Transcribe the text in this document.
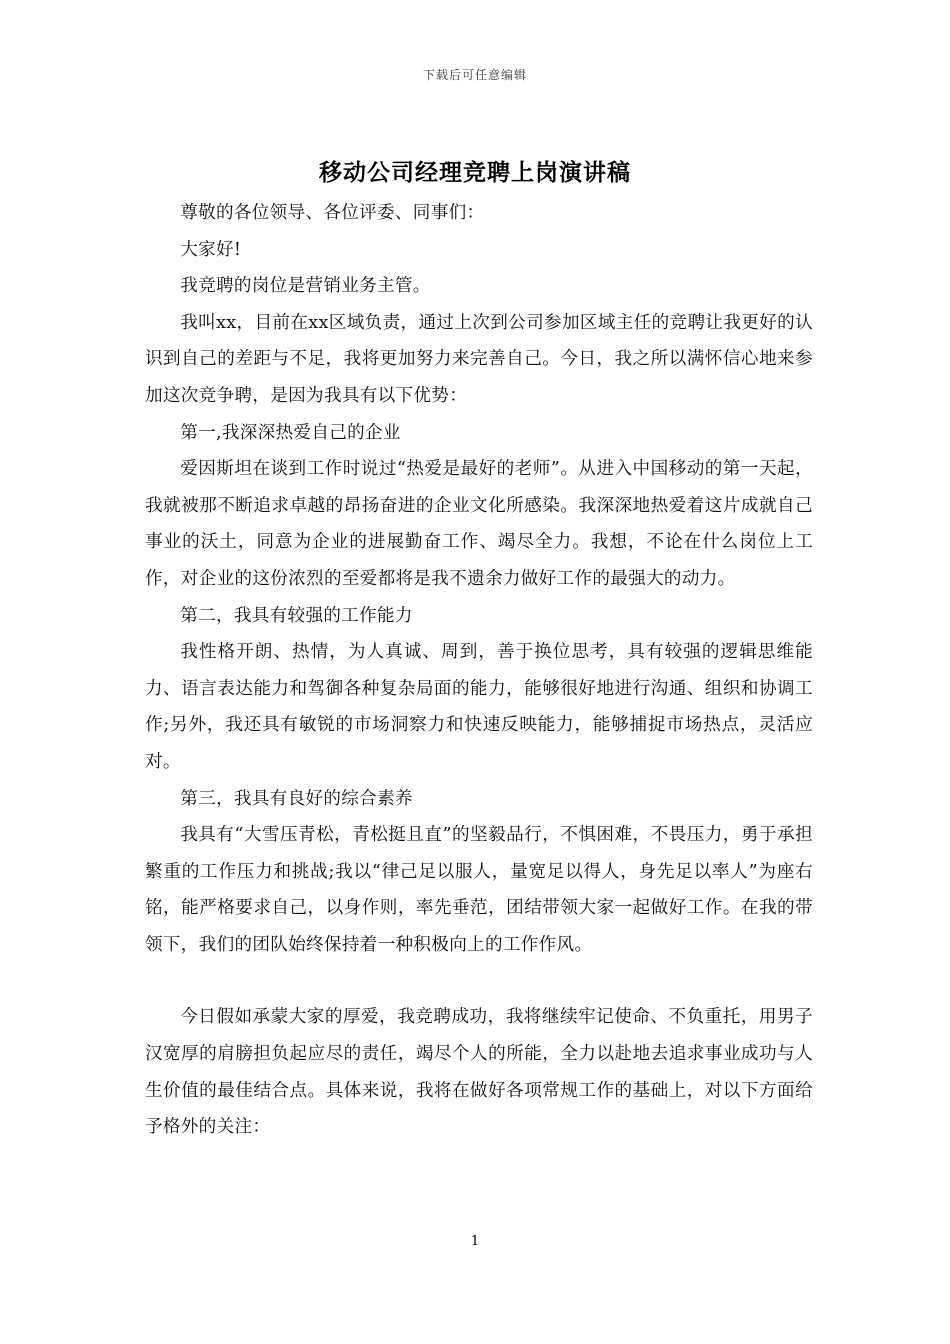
下载后可任意编辑
移动公司经理竞聘上岗演讲稿

尊敬的各位领导、各位评委、同事们：

大家好!

我竞聘的岗位是营销业务主管。

我叫xx，目前在xx区域负责，通过上次到公司参加区域主任的竞聘让我更好的认识到自己的差距与不足，我将更加努力来完善自己。今日，我之所以满怀信心地来参加这次竞争聘，是因为我具有以下优势：

第一,我深深热爱自己的企业

爱因斯坦在谈到工作时说过“热爱是最好的老师”。从进入中国移动的第一天起，我就被那不断追求卓越的昂扬奋进的企业文化所感染。我深深地热爱着这片成就自己事业的沃土，同意为企业的进展勤奋工作、竭尽全力。我想，不论在什么岗位上工作，对企业的这份浓烈的至爱都将是我不遗余力做好工作的最强大的动力。

第二，我具有较强的工作能力

我性格开朗、热情，为人真诚、周到，善于换位思考，具有较强的逻辑思维能力、语言表达能力和驾御各种复杂局面的能力，能够很好地进行沟通、组织和协调工作;另外，我还具有敏锐的市场洞察力和快速反映能力，能够捕捉市场热点，灵活应对。

第三，我具有良好的综合素养

我具有“大雪压青松，青松挺且直”的坚毅品行，不惧困难，不畏压力，勇于承担繁重的工作压力和挑战;我以“律己足以服人，量宽足以得人，身先足以率人”为座右铭，能严格要求自己，以身作则，率先垂范，团结带领大家一起做好工作。在我的带领下，我们的团队始终保持着一种积极向上的工作作风。

今日假如承蒙大家的厚爱，我竞聘成功，我将继续牢记使命、不负重托，用男子汉宽厚的肩膀担负起应尽的责任，竭尽个人的所能，全力以赴地去追求事业成功与人生价值的最佳结合点。具体来说，我将在做好各项常规工作的基础上，对以下方面给予格外的关注：

1
